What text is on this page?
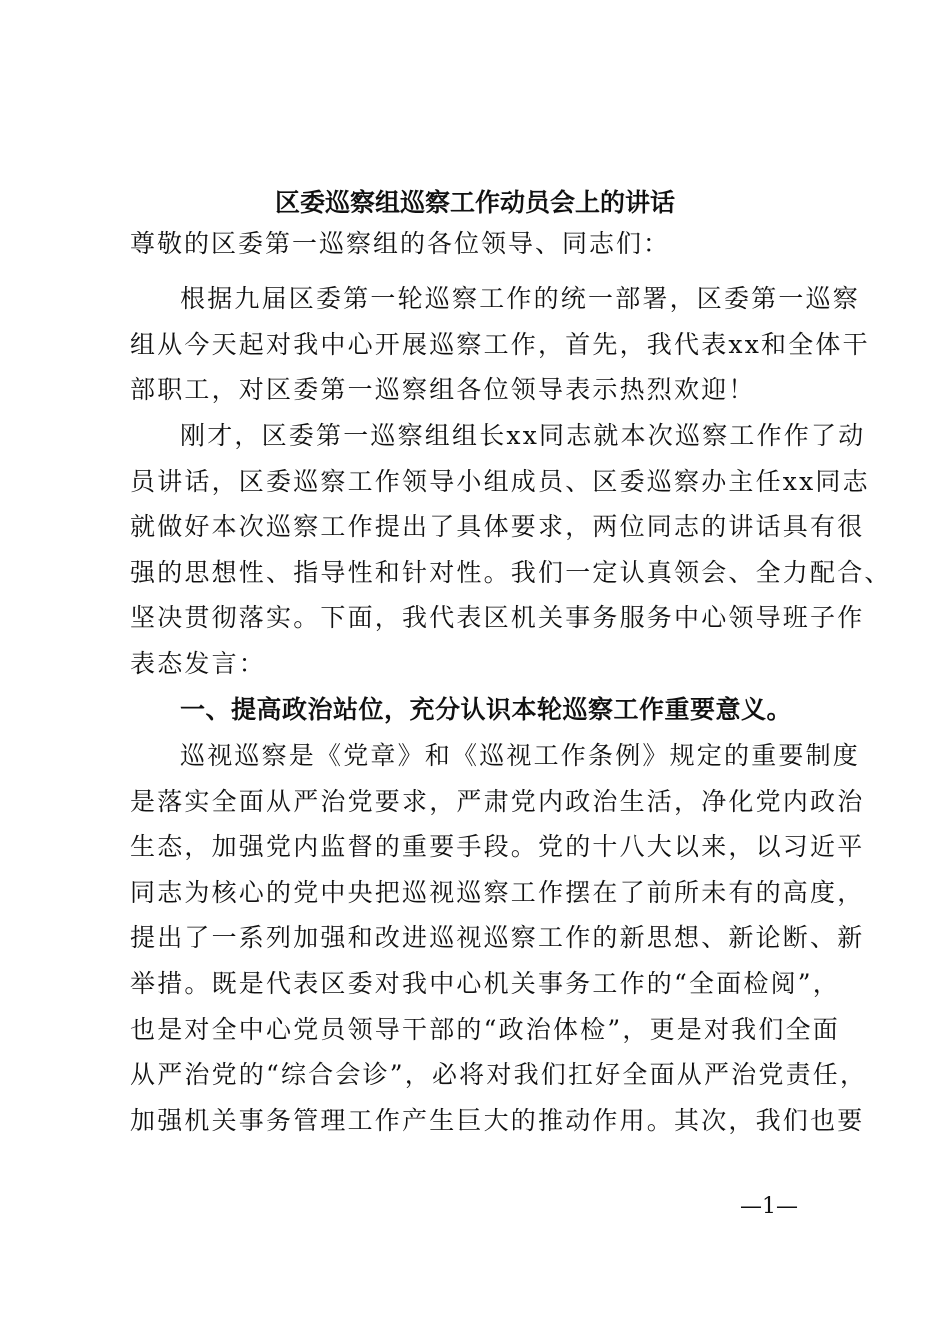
区委巡察组巡察工作动员会上的讲话
尊敬的区委第一巡察组的各位领导、同志们：
根据九届区委第一轮巡察工作的统一部署，区委第一巡察
组从今天起对我中心开展巡察工作，首先，我代表xx和全体干
部职工，对区委第一巡察组各位领导表示热烈欢迎！
刚才，区委第一巡察组组长xx同志就本次巡察工作作了动
员讲话，区委巡察工作领导小组成员、区委巡察办主任xx同志
就做好本次巡察工作提出了具体要求，两位同志的讲话具有很
强的思想性、指导性和针对性。我们一定认真领会、全力配合、
坚决贯彻落实。下面，我代表区机关事务服务中心领导班子作
表态发言：
一、提高政治站位，充分认识本轮巡察工作重要意义。
巡视巡察是《党章》和《巡视工作条例》规定的重要制度
是落实全面从严治党要求，严肃党内政治生活，净化党内政治
生态，加强党内监督的重要手段。党的十八大以来，以习近平
同志为核心的党中央把巡视巡察工作摆在了前所未有的高度，
提出了一系列加强和改进巡视巡察工作的新思想、新论断、新
举措。既是代表区委对我中心机关事务工作的“全面检阅”，
也是对全中心党员领导干部的“政治体检”，更是对我们全面
从严治党的“综合会诊”，必将对我们扛好全面从严治党责任，
加强机关事务管理工作产生巨大的推动作用。其次，我们也要
—1—
